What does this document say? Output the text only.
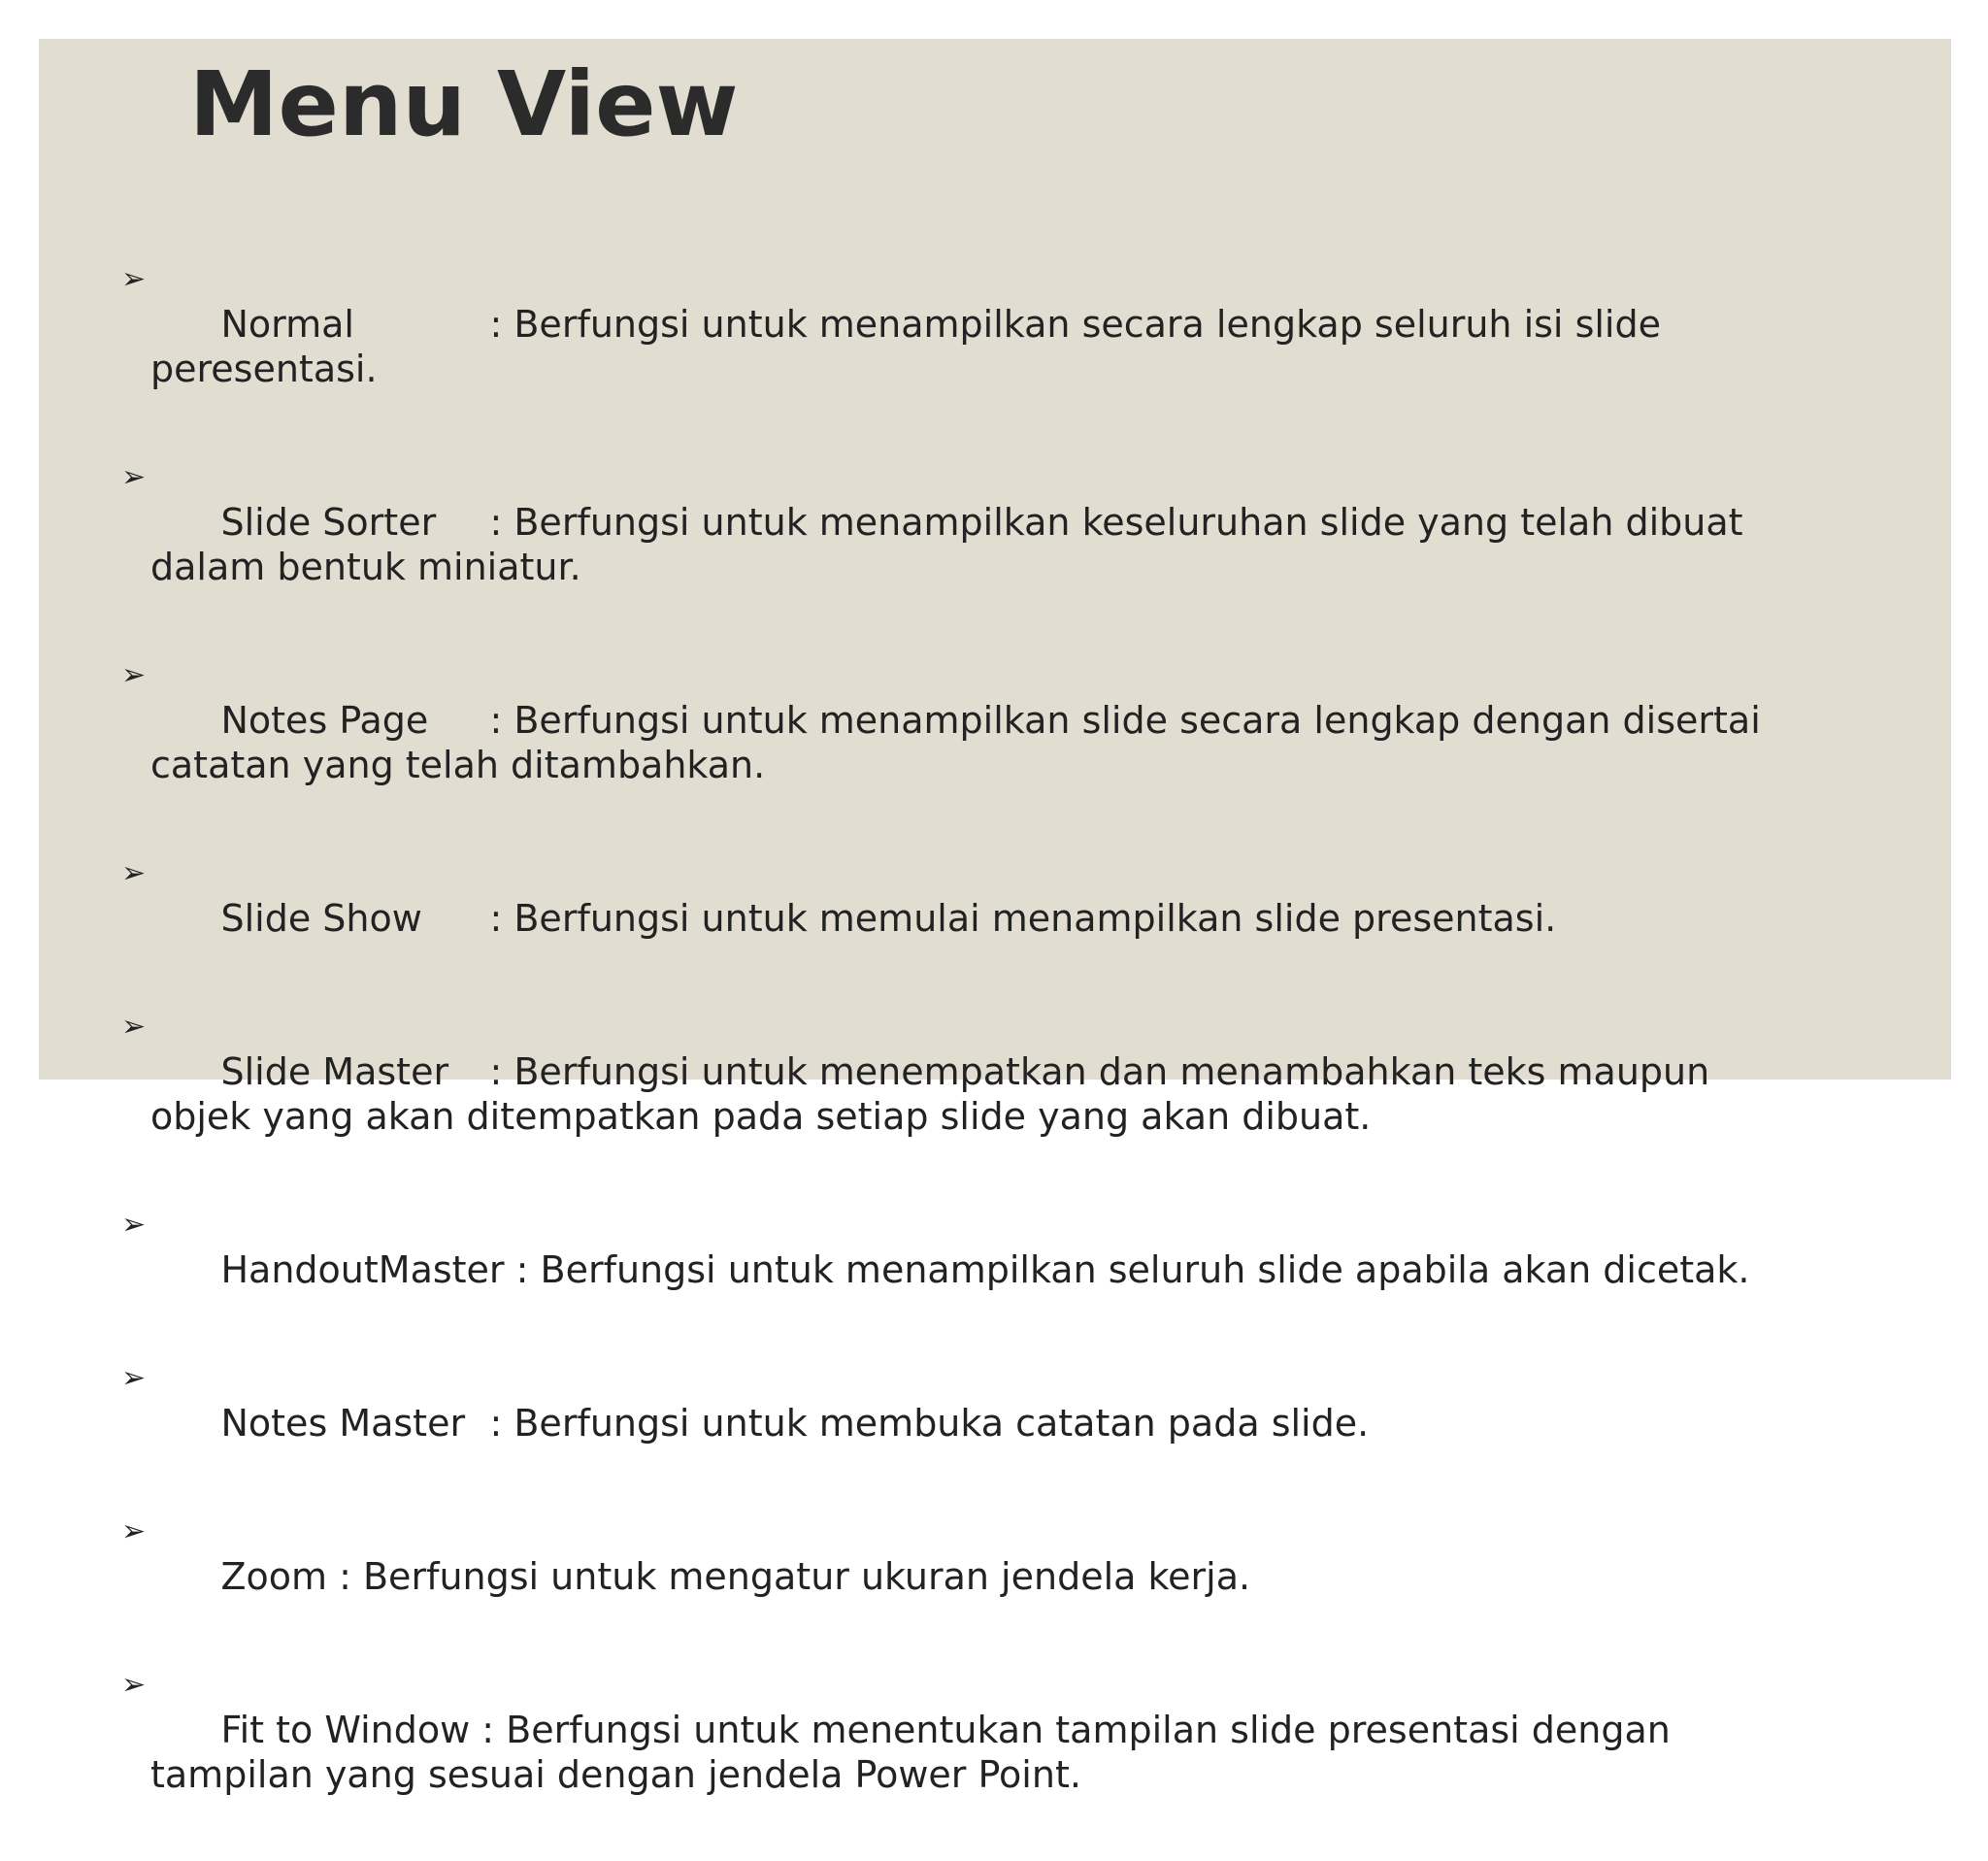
Menu View

➢
Normal	: Berfungsi untuk menampilkan secara lengkap seluruh isi slide peresentasi.

➢
Slide Sorter : Berfungsi untuk menampilkan keseluruhan slide yang telah dibuat dalam bentuk miniatur.

➢
Notes Page : Berfungsi untuk menampilkan slide secara lengkap dengan disertai catatan yang telah ditambahkan.

➢
Slide Show : Berfungsi untuk memulai menampilkan slide presentasi.

➢
Slide Master : Berfungsi untuk menempatkan dan menambahkan teks maupun objek yang akan ditempatkan pada setiap slide yang akan dibuat.

➢
HandoutMaster : Berfungsi untuk menampilkan seluruh slide apabila akan dicetak.

➢
Notes Master : Berfungsi untuk membuka catatan pada slide.

➢
Zoom : Berfungsi untuk mengatur ukuran jendela kerja.

➢
Fit to Window : Berfungsi untuk menentukan tampilan slide presentasi dengan tampilan yang sesuai dengan jendela Power Point.
